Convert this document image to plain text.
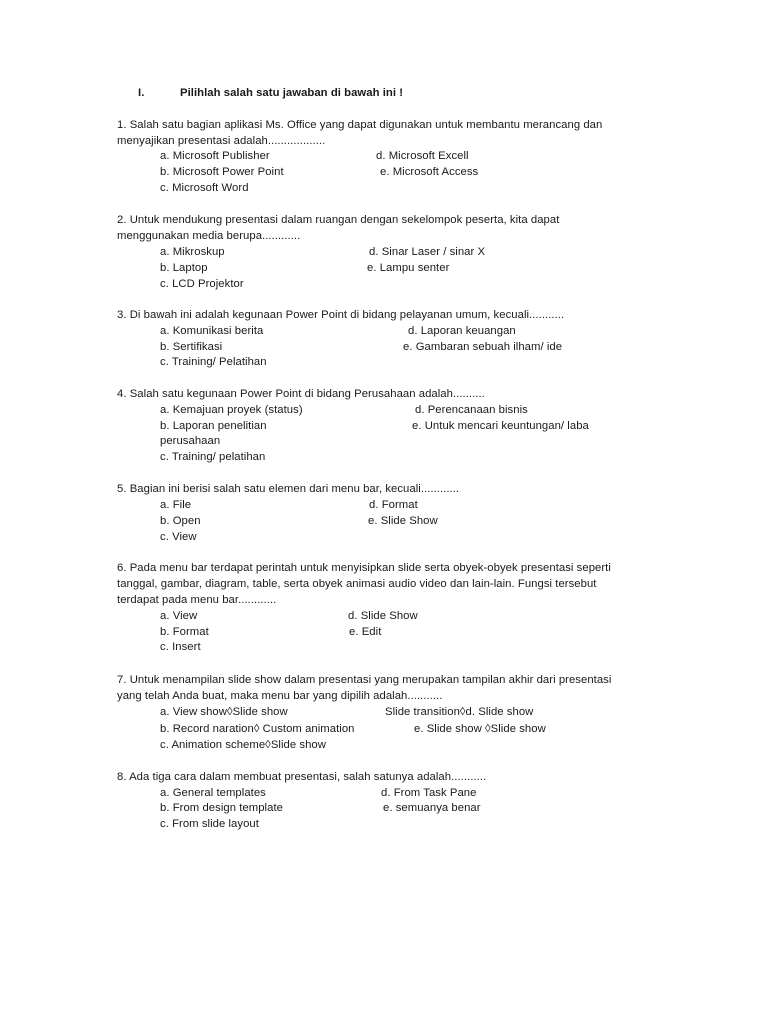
I.	Pilihlah salah satu jawaban di bawah ini !
1. Salah satu bagian aplikasi Ms. Office yang dapat digunakan untuk membantu merancang dan
menyajikan presentasi adalah..................
a. Microsoft Publisher	d. Microsoft Excell
b. Microsoft Power Point	e. Microsoft Access
c. Microsoft Word
2. Untuk mendukung presentasi dalam ruangan dengan sekelompok peserta, kita dapat
menggunakan media berupa............
a. Mikroskup	d. Sinar Laser / sinar X
b. Laptop	e. Lampu senter
c. LCD Projektor
3. Di bawah ini adalah kegunaan Power Point di bidang pelayanan umum, kecuali...........
a. Komunikasi berita	d. Laporan keuangan
b. Sertifikasi	e. Gambaran sebuah ilham/ ide
c. Training/ Pelatihan
4. Salah satu kegunaan Power Point di bidang Perusahaan adalah..........
a. Kemajuan proyek (status)	d. Perencanaan bisnis
b. Laporan penelitian	e. Untuk mencari keuntungan/ laba
perusahaan
c. Training/ pelatihan
5. Bagian ini berisi salah satu elemen dari menu bar, kecuali............
a. File	d. Format
b. Open	e. Slide Show
c. View
6. Pada menu bar terdapat perintah untuk menyisipkan slide serta obyek-obyek presentasi seperti
tanggal, gambar, diagram, table, serta obyek animasi audio video dan lain-lain. Fungsi tersebut
terdapat pada menu bar............
a. View	d. Slide Show
b. Format	e. Edit
c. Insert
7. Untuk menampilan slide show dalam presentasi yang merupakan tampilan akhir dari presentasi
yang telah Anda buat, maka menu bar yang dipilih adalah...........
a. View show◊Slide show	Slide transition◊d. Slide show
b. Record naration◊ Custom animation	e. Slide show ◊Slide show
c. Animation scheme◊Slide show
8. Ada tiga cara dalam membuat presentasi, salah satunya adalah...........
a. General templates	d. From Task Pane
b. From design template	e. semuanya benar
c. From slide layout
